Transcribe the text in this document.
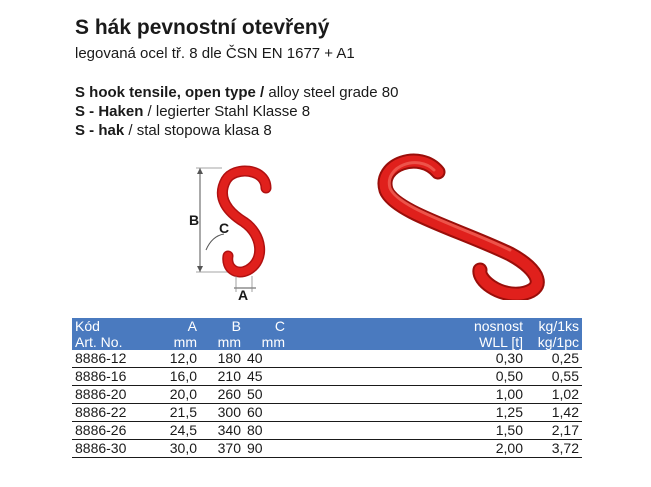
S hák pevnostní otevřený
legovaná ocel tř. 8 dle ČSN EN 1677 + A1
S hook tensile, open type / alloy steel grade 80
S - Haken / legierter Stahl Klasse 8
S - hak / stal stopowa klasa 8
B C
A
Kód	A	B	C	nosnost	kg/1ks
Art. No.	mm	mm	mm	WLL [t]	kg/1pc
8886-12	12,0	180	40	0,30	0,25
8886-16	16,0	210	45	0,50	0,55
8886-20	20,0	260	50	1,00	1,02
8886-22	21,5	300	60	1,25	1,42
8886-26	24,5	340	80	1,50	2,17
8886-30	30,0	370	90	2,00	3,72
